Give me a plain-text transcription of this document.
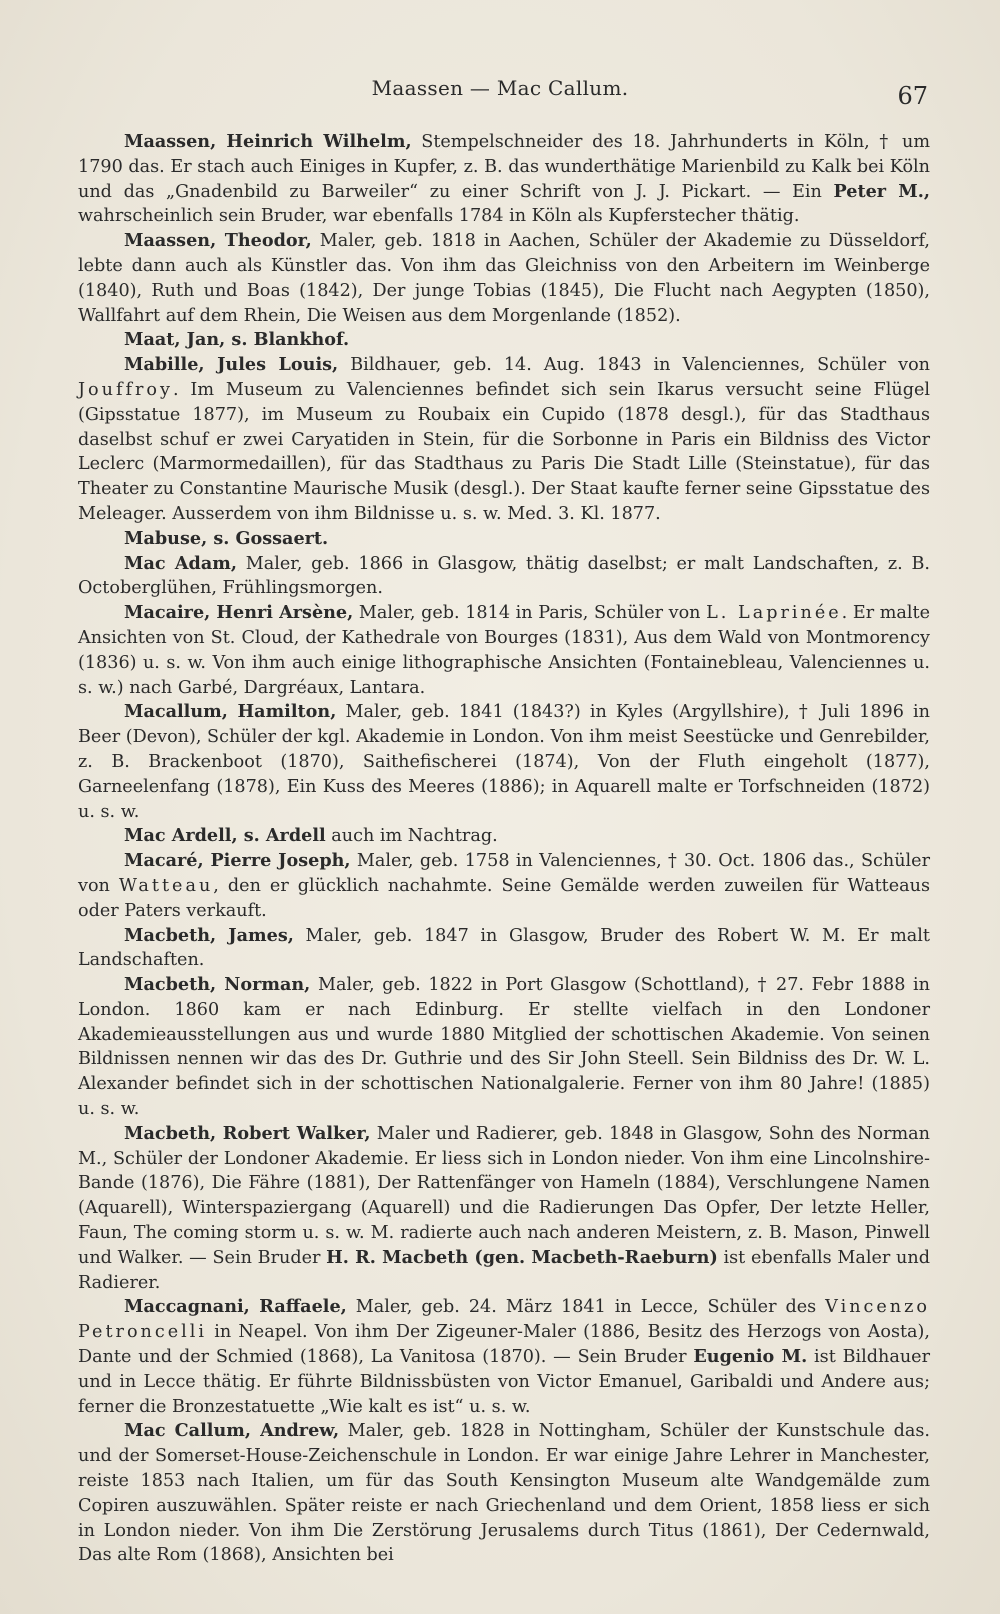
Maassen — Mac Callum.	67

Maassen, Heinrich Wilhelm, Stempelschneider des 18. Jahrhunderts in Köln, † um 1790 das. Er stach auch Einiges in Kupfer, z. B. das wunderthätige Marienbild zu Kalk bei Köln und das „Gnadenbild zu Barweiler“ zu einer Schrift von J. J. Pickart. — Ein Peter M., wahrscheinlich sein Bruder, war ebenfalls 1784 in Köln als Kupferstecher thätig.

Maassen, Theodor, Maler, geb. 1818 in Aachen, Schüler der Akademie zu Düsseldorf, lebte dann auch als Künstler das. Von ihm das Gleichniss von den Arbeitern im Weinberge (1840), Ruth und Boas (1842), Der junge Tobias (1845), Die Flucht nach Aegypten (1850), Wallfahrt auf dem Rhein, Die Weisen aus dem Morgenlande (1852).

Maat, Jan, s. Blankhof.

Mabille, Jules Louis, Bildhauer, geb. 14. Aug. 1843 in Valenciennes, Schüler von Jouffroy. Im Museum zu Valenciennes befindet sich sein Ikarus versucht seine Flügel (Gipsstatue 1877), im Museum zu Roubaix ein Cupido (1878 desgl.), für das Stadthaus daselbst schuf er zwei Caryatiden in Stein, für die Sorbonne in Paris ein Bildniss des Victor Leclerc (Marmormedaillen), für das Stadthaus zu Paris Die Stadt Lille (Steinstatue), für das Theater zu Constantine Maurische Musik (desgl.). Der Staat kaufte ferner seine Gipsstatue des Meleager. Ausserdem von ihm Bildnisse u. s. w. Med. 3. Kl. 1877.

Mabuse, s. Gossaert.

Mac Adam, Maler, geb. 1866 in Glasgow, thätig daselbst; er malt Landschaften, z. B. Octoberglühen, Frühlingsmorgen.

Macaire, Henri Arsène, Maler, geb. 1814 in Paris, Schüler von L. Laprinée. Er malte Ansichten von St. Cloud, der Kathedrale von Bourges (1831), Aus dem Wald von Montmorency (1836) u. s. w. Von ihm auch einige lithographische Ansichten (Fontainebleau, Valenciennes u. s. w.) nach Garbé, Dargréaux, Lantara.

Macallum, Hamilton, Maler, geb. 1841 (1843?) in Kyles (Argyllshire), † Juli 1896 in Beer (Devon), Schüler der kgl. Akademie in London. Von ihm meist Seestücke und Genrebilder, z. B. Brackenboot (1870), Saithefischerei (1874), Von der Fluth eingeholt (1877), Garneelenfang (1878), Ein Kuss des Meeres (1886); in Aquarell malte er Torfschneiden (1872) u. s. w.

Mac Ardell, s. Ardell auch im Nachtrag.

Macaré, Pierre Joseph, Maler, geb. 1758 in Valenciennes, † 30. Oct. 1806 das., Schüler von Watteau, den er glücklich nachahmte. Seine Gemälde werden zuweilen für Watteaus oder Paters verkauft.

Macbeth, James, Maler, geb. 1847 in Glasgow, Bruder des Robert W. M. Er malt Landschaften.

Macbeth, Norman, Maler, geb. 1822 in Port Glasgow (Schottland), † 27. Febr 1888 in London. 1860 kam er nach Edinburg. Er stellte vielfach in den Londoner Akademieausstellungen aus und wurde 1880 Mitglied der schottischen Akademie. Von seinen Bildnissen nennen wir das des Dr. Guthrie und des Sir John Steell. Sein Bildniss des Dr. W. L. Alexander befindet sich in der schottischen Nationalgalerie. Ferner von ihm 80 Jahre! (1885) u. s. w.

Macbeth, Robert Walker, Maler und Radierer, geb. 1848 in Glasgow, Sohn des Norman M., Schüler der Londoner Akademie. Er liess sich in London nieder. Von ihm eine Lincolnshire-Bande (1876), Die Fähre (1881), Der Rattenfänger von Hameln (1884), Verschlungene Namen (Aquarell), Winterspaziergang (Aquarell) und die Radierungen Das Opfer, Der letzte Heller, Faun, The coming storm u. s. w. M. radierte auch nach anderen Meistern, z. B. Mason, Pinwell und Walker. — Sein Bruder H. R. Macbeth (gen. Macbeth-Raeburn) ist ebenfalls Maler und Radierer.

Maccagnani, Raffaele, Maler, geb. 24. März 1841 in Lecce, Schüler des Vincenzo Petroncelli in Neapel. Von ihm Der Zigeuner-Maler (1886, Besitz des Herzogs von Aosta), Dante und der Schmied (1868), La Vanitosa (1870). — Sein Bruder Eugenio M. ist Bildhauer und in Lecce thätig. Er führte Bildnissbüsten von Victor Emanuel, Garibaldi und Andere aus; ferner die Bronzestatuette „Wie kalt es ist“ u. s. w.

Mac Callum, Andrew, Maler, geb. 1828 in Nottingham, Schüler der Kunstschule das. und der Somerset-House-Zeichenschule in London. Er war einige Jahre Lehrer in Manchester, reiste 1853 nach Italien, um für das South Kensington Museum alte Wandgemälde zum Copiren auszuwählen. Später reiste er nach Griechenland und dem Orient, 1858 liess er sich in London nieder. Von ihm Die Zerstörung Jerusalems durch Titus (1861), Der Cedernwald, Das alte Rom (1868), Ansichten bei
